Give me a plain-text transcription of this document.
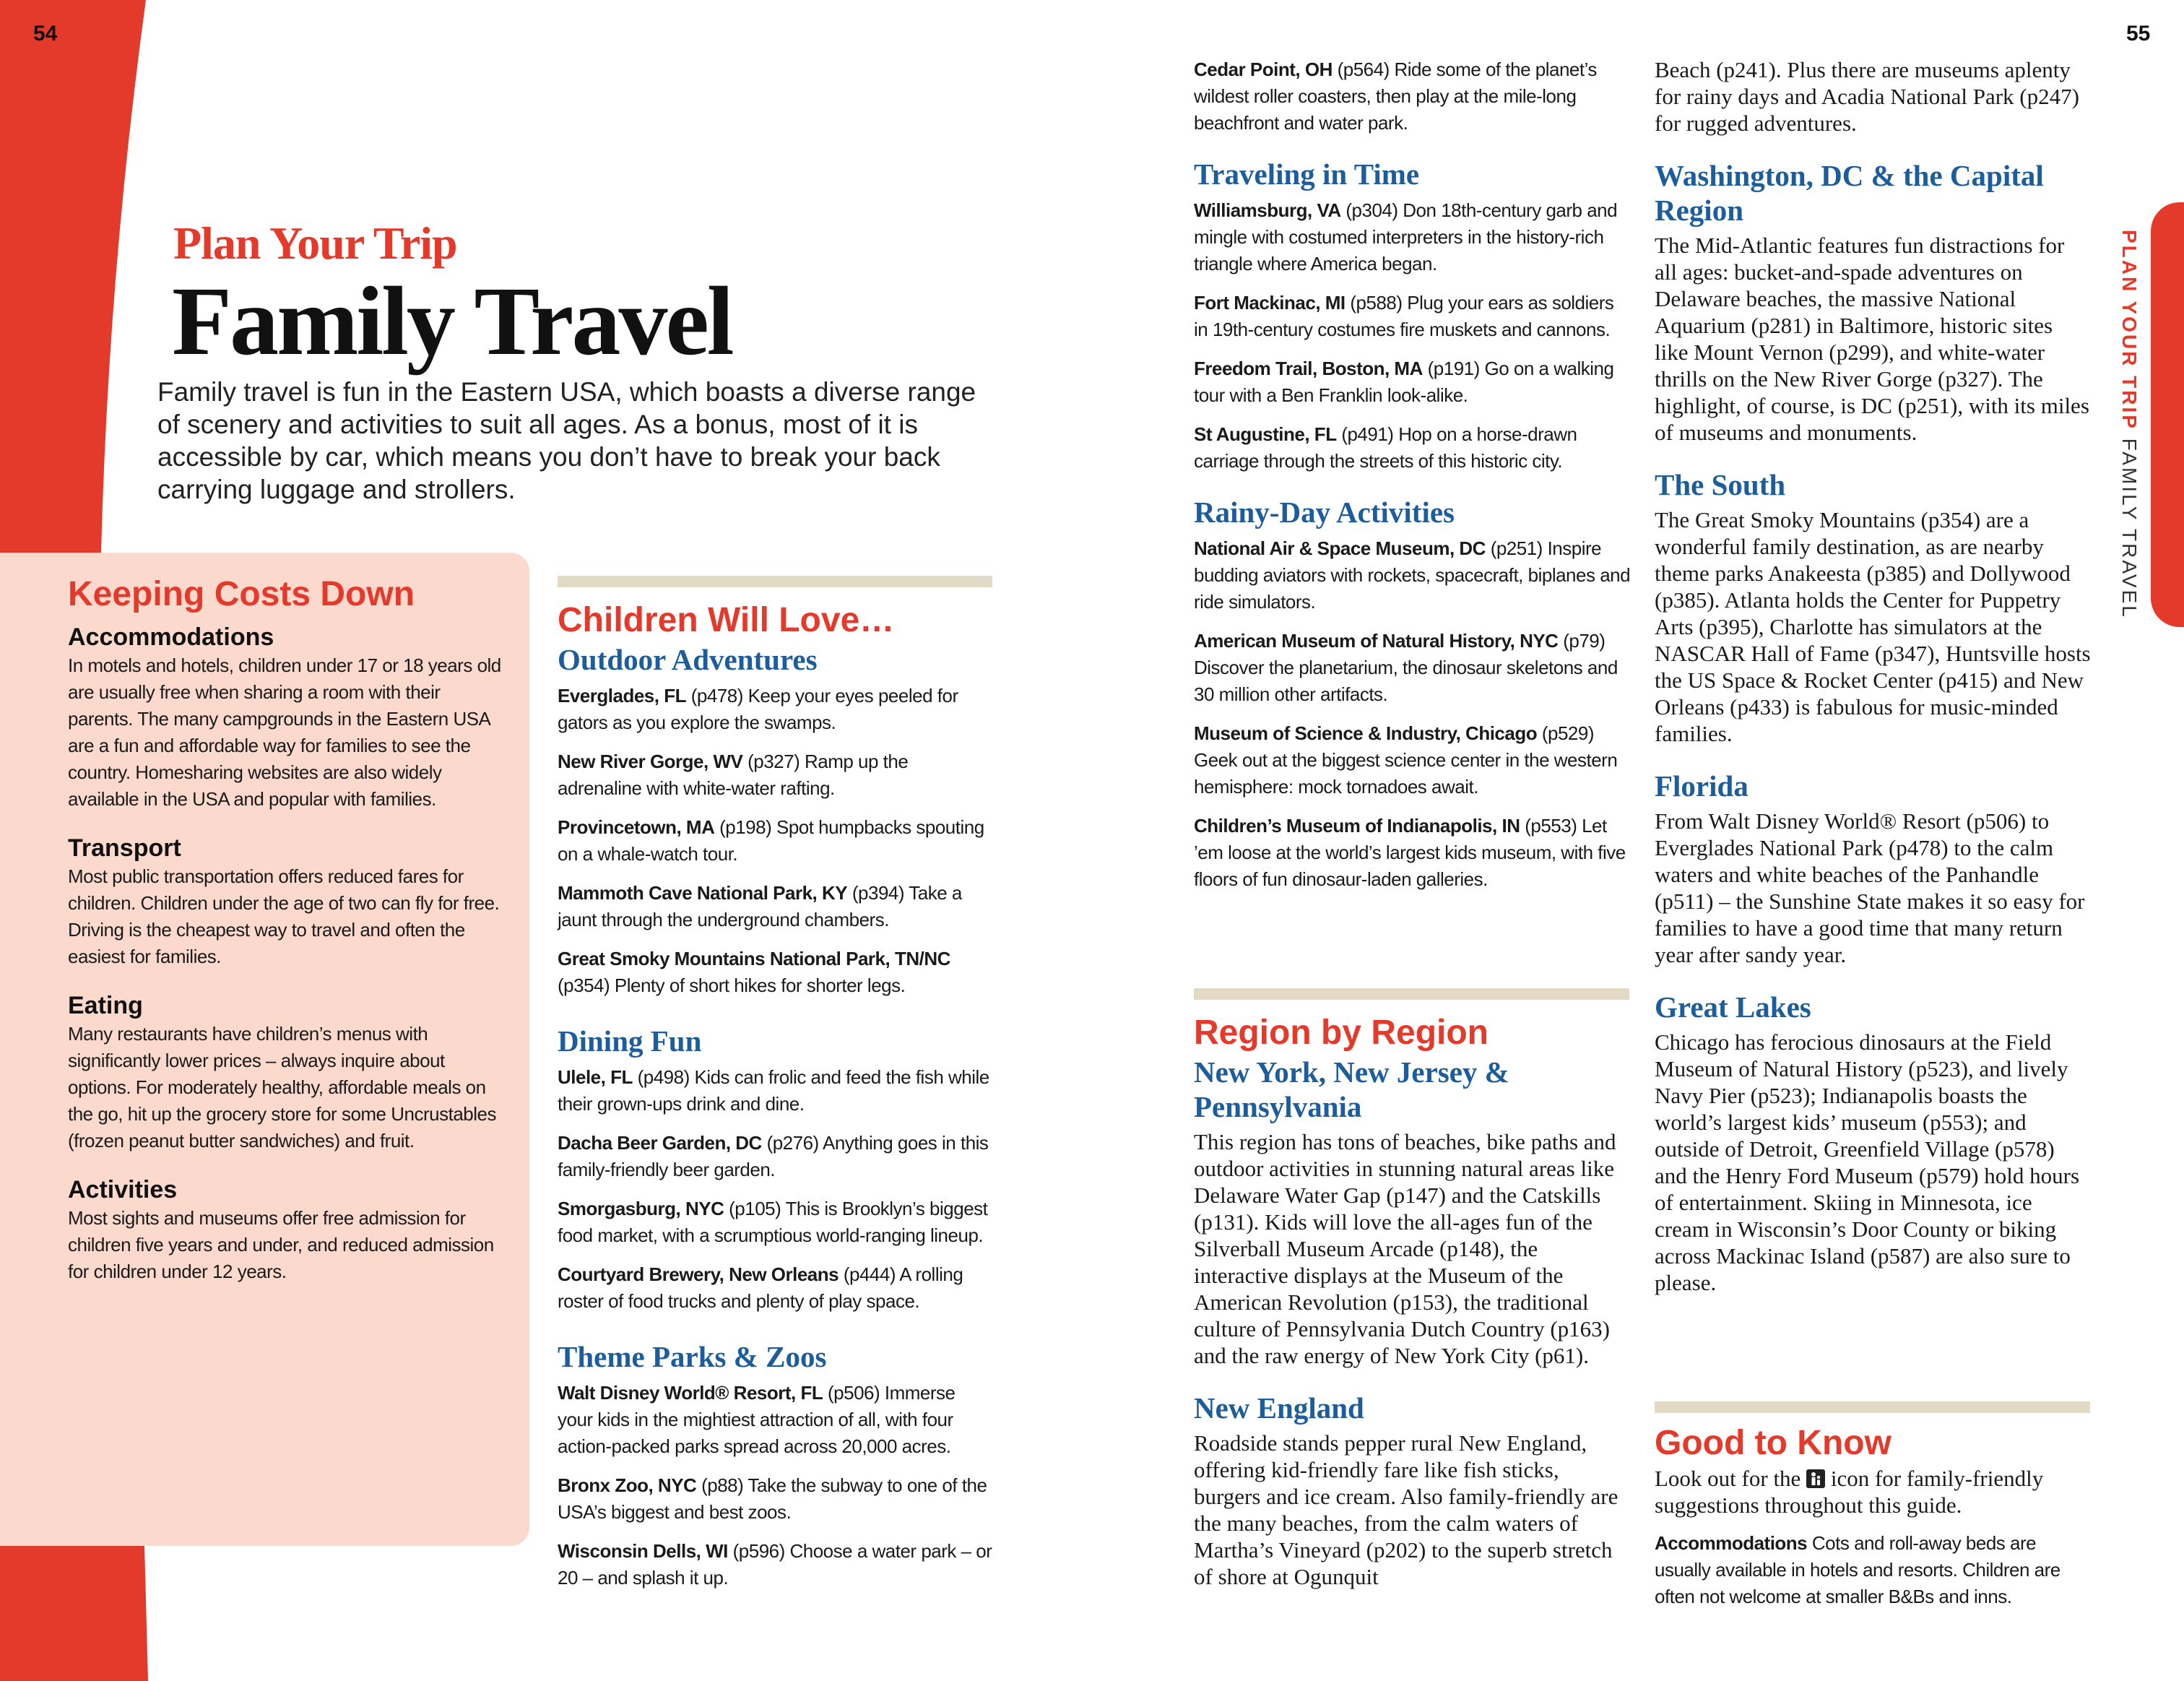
54
Plan Your Trip
Family Travel
Family travel is fun in the Eastern USA, which boasts a diverse range of scenery and activities to suit all ages. As a bonus, most of it is accessible by car, which means you don’t have to break your back carrying luggage and strollers.
Keeping Costs Down
Accommodations
In motels and hotels, children under 17 or 18 years old are usually free when sharing a room with their parents. The many campgrounds in the Eastern USA are a fun and affordable way for families to see the country. Homesharing websites are also widely available in the USA and popular with families.
Transport
Most public transportation offers reduced fares for children. Children under the age of two can fly for free. Driving is the cheapest way to travel and often the easiest for families.
Eating
Many restaurants have children’s menus with significantly lower prices – always inquire about options. For moderately healthy, affordable meals on the go, hit up the grocery store for some Uncrustables (frozen peanut butter sandwiches) and fruit.
Activities
Most sights and museums offer free admission for children five years and under, and reduced admission for children under 12 years.
Children Will Love…
Outdoor Adventures

Everglades, FL (p478) Keep your eyes peeled for gators as you explore the swamps.

New River Gorge, WV (p327) Ramp up the adrenaline with white-water rafting.

Provincetown, MA (p198) Spot humpbacks spouting on a whale-watch tour.

Mammoth Cave National Park, KY (p394) Take a jaunt through the underground chambers.

Great Smoky Mountains National Park, TN/NC (p354) Plenty of short hikes for shorter legs.

Dining Fun

Ulele, FL (p498) Kids can frolic and feed the fish while their grown-ups drink and dine.

Dacha Beer Garden, DC (p276) Anything goes in this family-friendly beer garden.

Smorgasburg, NYC (p105) This is Brooklyn’s biggest food market, with a scrumptious world-ranging lineup.

Courtyard Brewery, New Orleans (p444) A rolling roster of food trucks and plenty of play space.

Theme Parks & Zoos

Walt Disney World® Resort, FL (p506) Immerse your kids in the mightiest attraction of all, with four action-packed parks spread across 20,000 acres.

Bronx Zoo, NYC (p88) Take the subway to one of the USA’s biggest and best zoos.

Wisconsin Dells, WI (p596) Choose a water park – or 20 – and splash it up.

55
PLAN YOUR TRIP FAMILY TRAVEL

Cedar Point, OH (p564) Ride some of the planet’s wildest roller coasters, then play at the mile-long beachfront and water park.

Traveling in Time

Williamsburg, VA (p304) Don 18th-century garb and mingle with costumed interpreters in the history-rich triangle where America began.

Fort Mackinac, MI (p588) Plug your ears as soldiers in 19th-century costumes fire muskets and cannons.

Freedom Trail, Boston, MA (p191) Go on a walking tour with a Ben Franklin look-alike.

St Augustine, FL (p491) Hop on a horse-drawn carriage through the streets of this historic city.

Rainy-Day Activities

National Air & Space Museum, DC (p251) Inspire budding aviators with rockets, spacecraft, biplanes and ride simulators.

American Museum of Natural History, NYC (p79) Discover the planetarium, the dinosaur skeletons and 30 million other artifacts.

Museum of Science & Industry, Chicago (p529) Geek out at the biggest science center in the western hemisphere: mock tornadoes await.

Children’s Museum of Indianapolis, IN (p553) Let ’em loose at the world’s largest kids museum, with five floors of fun dinosaur-laden galleries.

Region by Region
New York, New Jersey & Pennsylvania
This region has tons of beaches, bike paths and outdoor activities in stunning natural areas like Delaware Water Gap (p147) and the Catskills (p131). Kids will love the all-ages fun of the Silverball Museum Arcade (p148), the interactive displays at the Museum of the American Revolution (p153), the traditional culture of Pennsylvania Dutch Country (p163) and the raw energy of New York City (p61).
New England
Roadside stands pepper rural New England, offering kid-friendly fare like fish sticks, burgers and ice cream. Also family-friendly are the many beaches, from the calm waters of Martha’s Vineyard (p202) to the superb stretch of shore at Ogunquit
Beach (p241). Plus there are museums aplenty for rainy days and Acadia National Park (p247) for rugged adventures.
Washington, DC & the Capital Region
The Mid-Atlantic features fun distractions for all ages: bucket-and-spade adventures on Delaware beaches, the massive National Aquarium (p281) in Baltimore, historic sites like Mount Vernon (p299), and white-water thrills on the New River Gorge (p327). The highlight, of course, is DC (p251), with its miles of museums and monuments.
The South
The Great Smoky Mountains (p354) are a wonderful family destination, as are nearby theme parks Anakeesta (p385) and Dollywood (p385). Atlanta holds the Center for Puppetry Arts (p395), Charlotte has simulators at the NASCAR Hall of Fame (p347), Huntsville hosts the US Space & Rocket Center (p415) and New Orleans (p433) is fabulous for music-minded families.
Florida
From Walt Disney World® Resort (p506) to Everglades National Park (p478) to the calm waters and white beaches of the Panhandle (p511) – the Sunshine State makes it so easy for families to have a good time that many return year after sandy year.
Great Lakes
Chicago has ferocious dinosaurs at the Field Museum of Natural History (p523), and lively Navy Pier (p523); Indianapolis boasts the world’s largest kids’ museum (p553); and outside of Detroit, Greenfield Village (p578) and the Henry Ford Museum (p579) hold hours of entertainment. Skiing in Minnesota, ice cream in Wisconsin’s Door County or biking across Mackinac Island (p587) are also sure to please.
Good to Know
Look out for the icon for family-friendly suggestions throughout this guide.

Accommodations Cots and roll-away beds are usually available in hotels and resorts. Children are often not welcome at smaller B&Bs and inns.
